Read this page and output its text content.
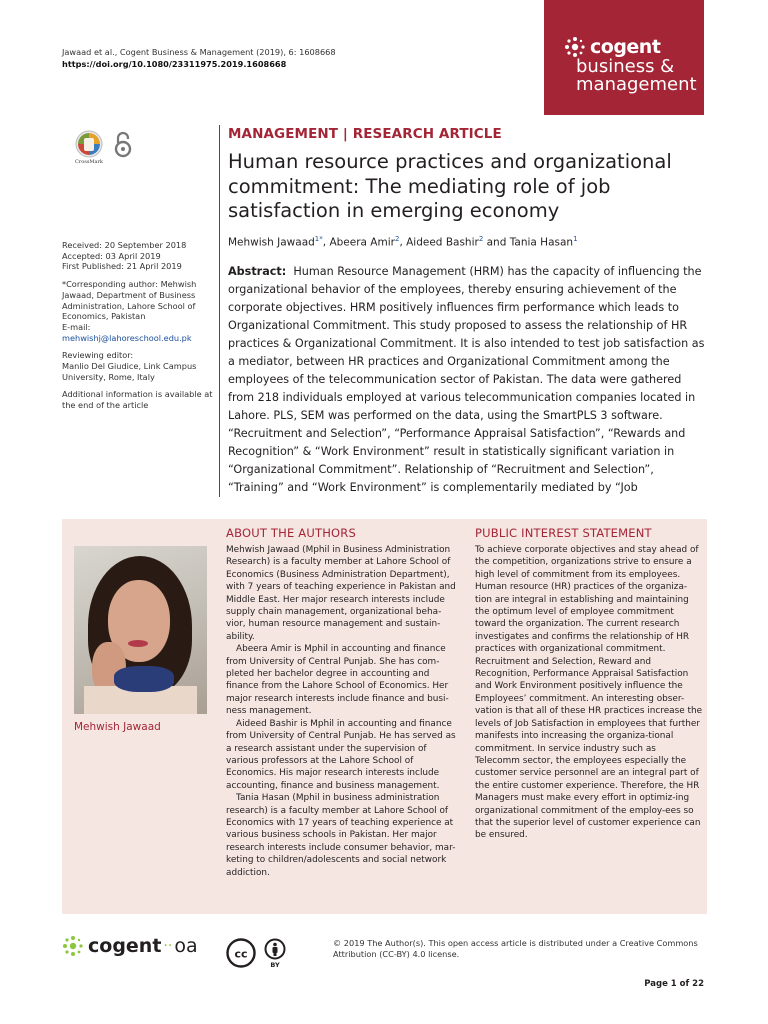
Jawaad et al., Cogent Business & Management (2019), 6: 1608668
https://doi.org/10.1080/23311975.2019.1608668
cogent
business &
management
CrossMark
MANAGEMENT | RESEARCH ARTICLE
Human resource practices and organizational commitment: The mediating role of job satisfaction in emerging economy
Mehwish Jawaad$^{1*}$, Abeera Amir$^2$, Aideed Bashir$^2$ and Tania Hasan$^1$
Abstract: Human Resource Management (HRM) has the capacity of influencing the organizational behavior of the employees, thereby ensuring achievement of the corporate objectives. HRM positively influences firm performance which leads to Organizational Commitment. This study proposed to assess the relationship of HR practices & Organizational Commitment. It is also intended to test job satisfaction as a mediator, between HR practices and Organizational Commitment among the employees of the telecommunication sector of Pakistan. The data were gathered from 218 individuals employed at various telecommunication companies located in Lahore. PLS, SEM was performed on the data, using the SmartPLS 3 software. “Recruitment and Selection”, “Performance Appraisal Satisfaction”, “Rewards and Recognition” & “Work Environment” result in statistically significant variation in “Organizational Commitment”. Relationship of “Recruitment and Selection”, “Training” and “Work Environment” is complementarily mediated by “Job

Received: 20 September 2018
Accepted: 03 April 2019
First Published: 21 April 2019

*Corresponding author: Mehwish Jawaad, Department of Business Administration, Lahore School of Economics, Pakistan
E-mail: mehwishj@lahoreschool.edu.pk

Reviewing editor:
Manlio Del Giudice, Link Campus University, Rome, Italy

Additional information is available at the end of the article

Mehwish Jawaad
ABOUT THE AUTHORS

Mehwish Jawaad (Mphil in Business Administration Research) is a faculty member at Lahore School of Economics (Business Administration Department), with 7 years of teaching experience in Pakistan and Middle East. Her major research interests include supply chain management, organizational beha-vior, human resource management and sustain-ability.

Abeera Amir is Mphil in accounting and finance from University of Central Punjab. She has com-pleted her bachelor degree in accounting and finance from the Lahore School of Economics. Her major research interests include finance and busi-ness management.

Aideed Bashir is Mphil in accounting and finance from University of Central Punjab. He has served as a research assistant under the supervision of various professors at the Lahore School of Economics. His major research interests include accounting, finance and business management.

Tania Hasan (Mphil in business administration research) is a faculty member at Lahore School of Economics with 17 years of teaching experience at various business schools in Pakistan. Her major research interests include consumer behavior, mar-keting to children/adolescents and social network addiction.

PUBLIC INTEREST STATEMENT
To achieve corporate objectives and stay ahead of the competition, organizations strive to ensure a high level of commitment from its employees. Human resource (HR) practices of the organiza-tion are integral in establishing and maintaining the optimum level of employee commitment toward the organization. The current research investigates and confirms the relationship of HR practices with organizational commitment. Recruitment and Selection, Reward and Recognition, Performance Appraisal Satisfaction and Work Environment positively influence the Employees’ commitment. An interesting obser-vation is that all of these HR practices increase the levels of Job Satisfaction in employees that further manifests into increasing the organiza-tional commitment. In service industry such as Telecomm sector, the employees especially the customer service personnel are an integral part of the entire customer experience. Therefore, the HR Managers must make every effort in optimiz-ing organizational commitment of the employ-ees so that the superior level of customer experience can be ensured.
cogent ·· oa	cc
BY
© 2019 The Author(s). This open access article is distributed under a Creative Commons Attribution (CC-BY) 4.0 license.
Page 1 of 22
